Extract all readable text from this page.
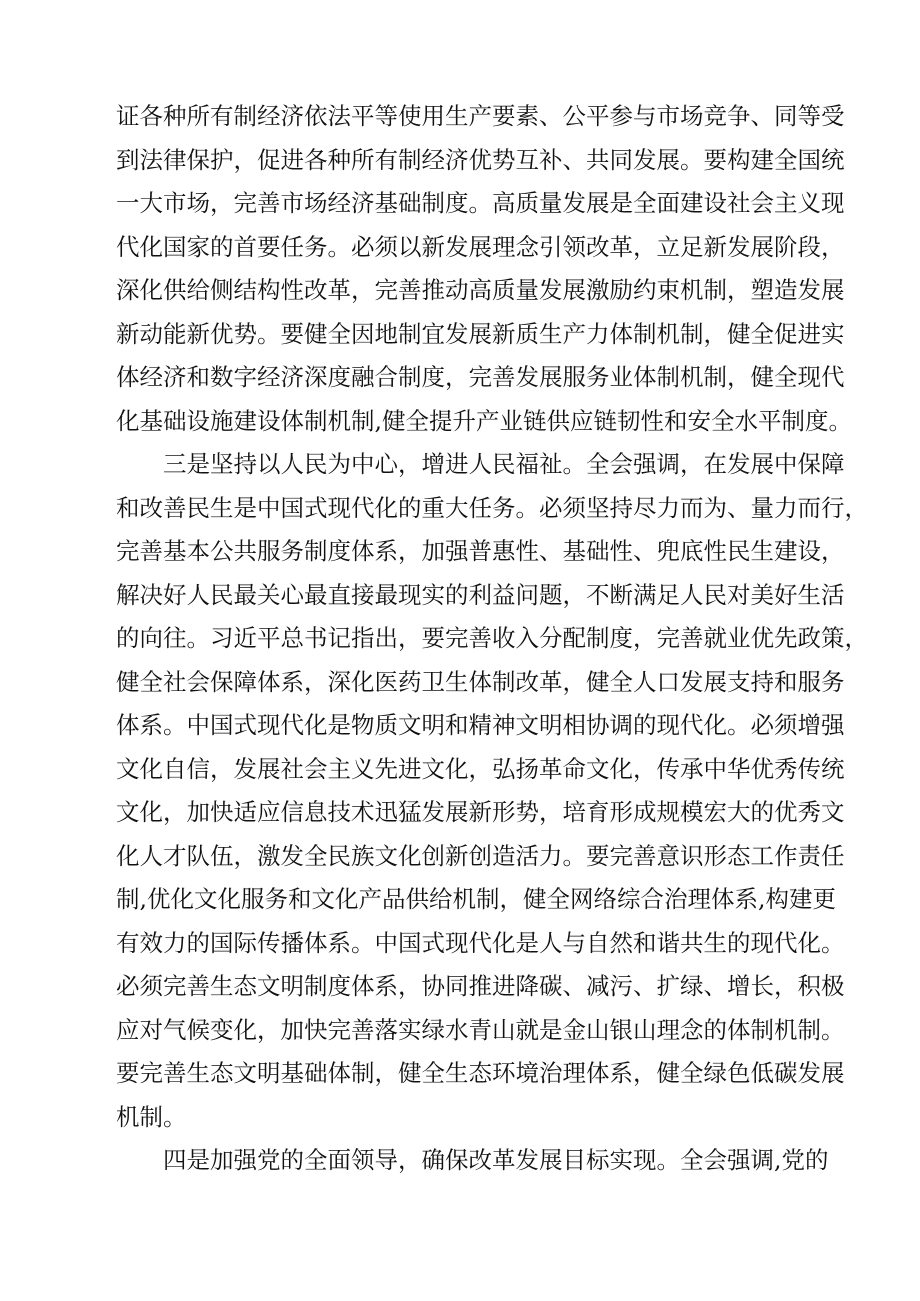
证各种所有制经济依法平等使用生产要素、公平参与市场竞争、同等受
到法律保护，促进各种所有制经济优势互补、共同发展。要构建全国统
一大市场，完善市场经济基础制度。高质量发展是全面建设社会主义现
代化国家的首要任务。必须以新发展理念引领改革，立足新发展阶段，
深化供给侧结构性改革，完善推动高质量发展激励约束机制，塑造发展
新动能新优势。要健全因地制宜发展新质生产力体制机制，健全促进实
体经济和数字经济深度融合制度，完善发展服务业体制机制，健全现代
化基础设施建设体制机制,健全提升产业链供应链韧性和安全水平制度。
三是坚持以人民为中心，增进人民福祉。全会强调，在发展中保障
和改善民生是中国式现代化的重大任务。必须坚持尽力而为、量力而行，
完善基本公共服务制度体系，加强普惠性、基础性、兜底性民生建设，
解决好人民最关心最直接最现实的利益问题，不断满足人民对美好生活
的向往。习近平总书记指出，要完善收入分配制度，完善就业优先政策，
健全社会保障体系，深化医药卫生体制改革，健全人口发展支持和服务
体系。中国式现代化是物质文明和精神文明相协调的现代化。必须增强
文化自信，发展社会主义先进文化，弘扬革命文化，传承中华优秀传统
文化，加快适应信息技术迅猛发展新形势，培育形成规模宏大的优秀文
化人才队伍，激发全民族文化创新创造活力。要完善意识形态工作责任
制,优化文化服务和文化产品供给机制，健全网络综合治理体系,构建更
有效力的国际传播体系。中国式现代化是人与自然和谐共生的现代化。
必须完善生态文明制度体系，协同推进降碳、减污、扩绿、增长，积极
应对气候变化，加快完善落实绿水青山就是金山银山理念的体制机制。
要完善生态文明基础体制，健全生态环境治理体系，健全绿色低碳发展
机制。
四是加强党的全面领导，确保改革发展目标实现。全会强调,党的
